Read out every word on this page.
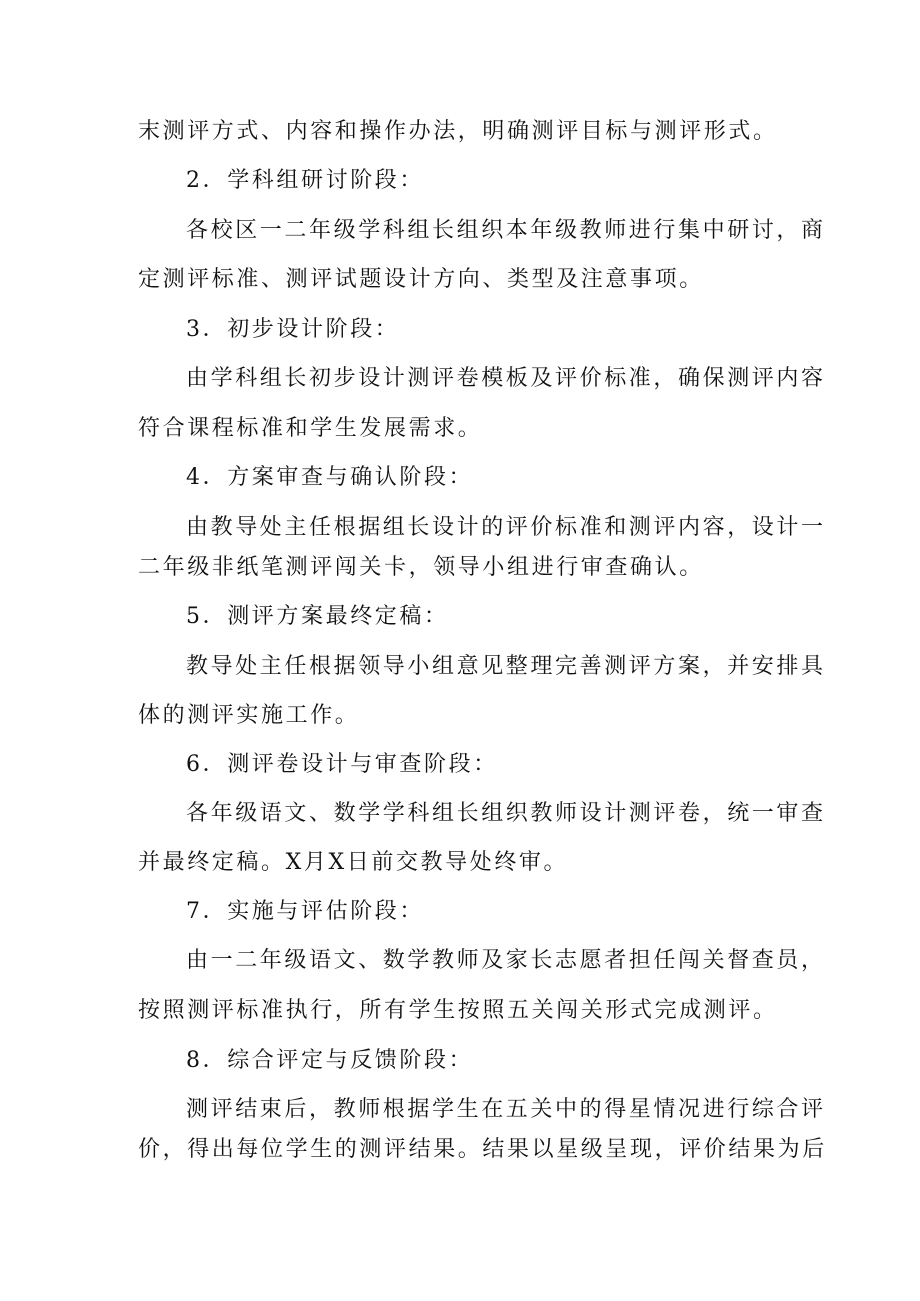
末测评方式、内容和操作办法，明确测评目标与测评形式。
2．学科组研讨阶段：
各校区一二年级学科组长组织本年级教师进行集中研讨，商
定测评标准、测评试题设计方向、类型及注意事项。
3．初步设计阶段：
由学科组长初步设计测评卷模板及评价标准，确保测评内容
符合课程标准和学生发展需求。
4．方案审查与确认阶段：
由教导处主任根据组长设计的评价标准和测评内容，设计一
二年级非纸笔测评闯关卡，领导小组进行审查确认。
5．测评方案最终定稿：
教导处主任根据领导小组意见整理完善测评方案，并安排具
体的测评实施工作。
6．测评卷设计与审查阶段：
各年级语文、数学学科组长组织教师设计测评卷，统一审查
并最终定稿。X月X日前交教导处终审。
7．实施与评估阶段：
由一二年级语文、数学教师及家长志愿者担任闯关督查员，
按照测评标准执行，所有学生按照五关闯关形式完成测评。
8．综合评定与反馈阶段：
测评结束后，教师根据学生在五关中的得星情况进行综合评
价，得出每位学生的测评结果。结果以星级呈现，评价结果为后
